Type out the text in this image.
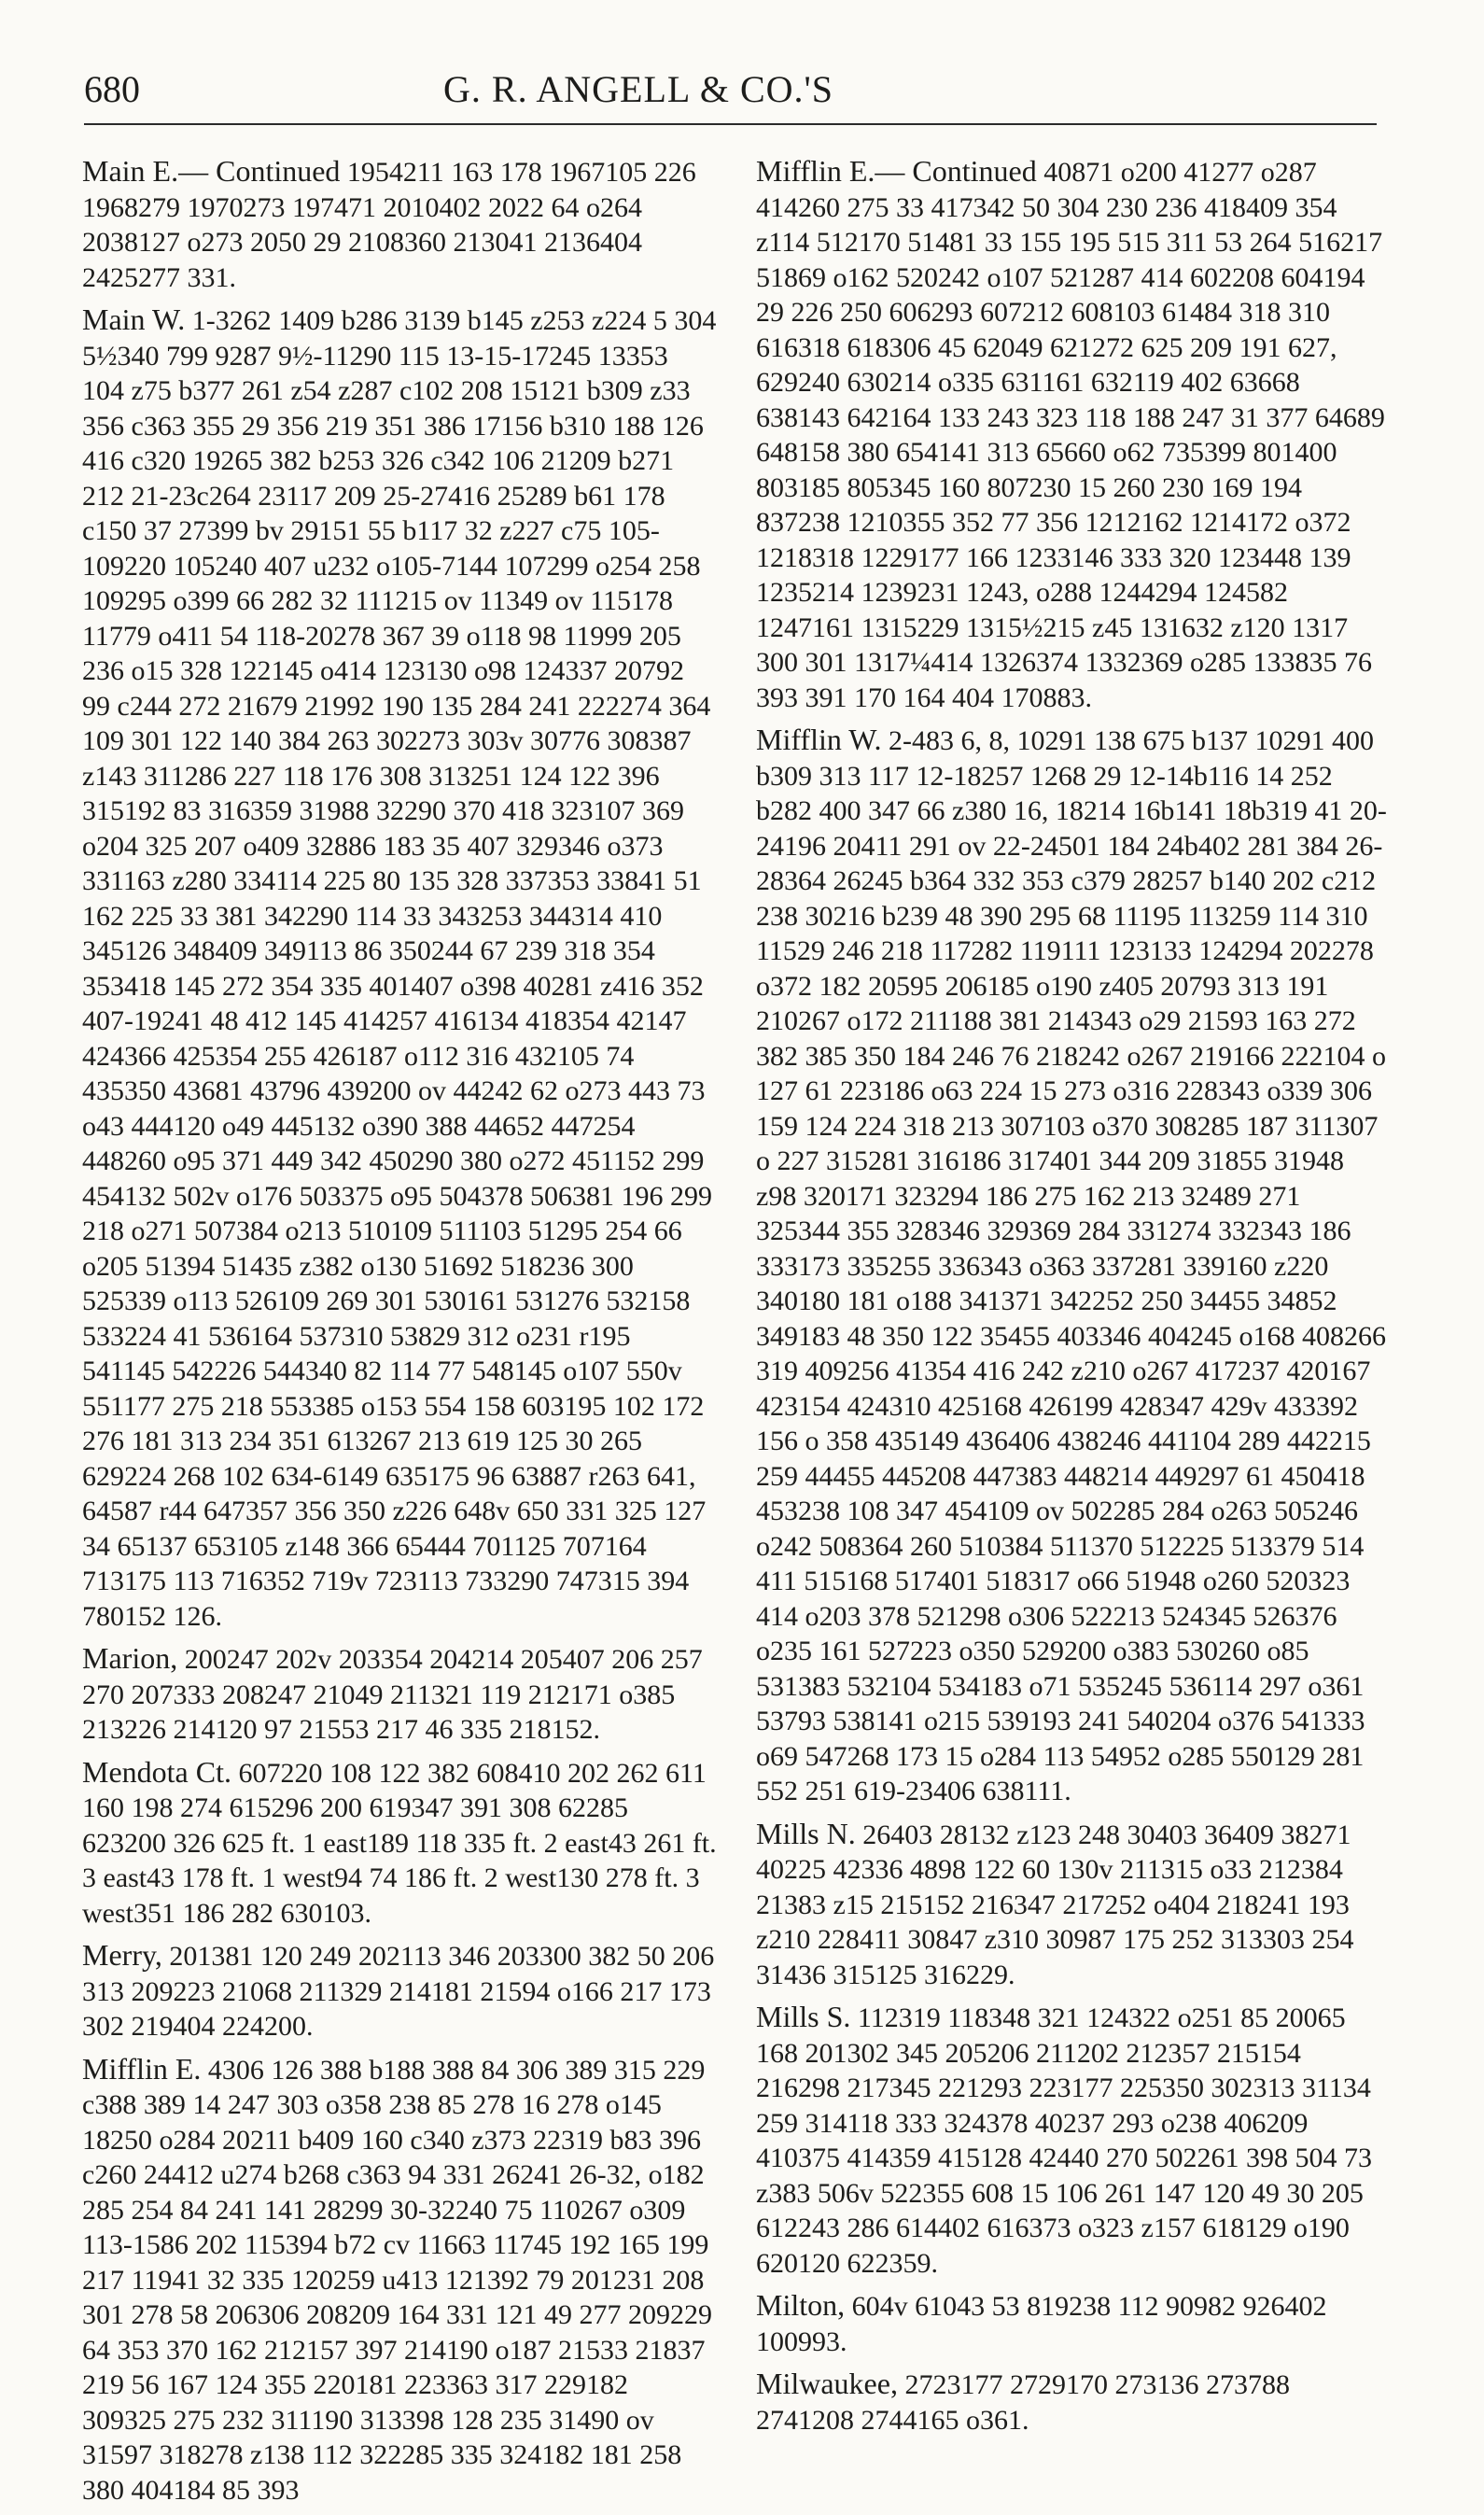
680	G. R. ANGELL & CO.'S
Main E.— Continued 1954211 163 178 1967105 226 1968279 1970273 197471 2010402 2022 64 o264 2038127 o273 2050 29 2108360 213041 2136404 2425277 331.
Main W. 1-3262 1409 b286 3139 b145 z253 z224 5 304 5½340 799 9287 9½-11290 115 13-15-17245 13353 104 z75 b377 261 z54 z287 c102 208 15121 b309 z33 356 c363 355 29 356 219 351 386 17156 b310 188 126 416 c320 19265 382 b253 326 c342 106 21209 b271 212 21-23c264 23117 209 25-27416 25289 b61 178 c150 37 27399 bv 29151 55 b117 32 z227 c75 105-109220 105240 407 u232 o105-7144 107299 o254 258 109295 o399 66 282 32 111215 ov 11349 ov 115178 11779 o411 54 118-20278 367 39 o118 98 11999 205 236 o15 328 122145 o414 123130 o98 124337 20792 99 c244 272 21679 21992 190 135 284 241 222274 364 109 301 122 140 384 263 302273 303v 30776 308387 z143 311286 227 118 176 308 313251 124 122 396 315192 83 316359 31988 32290 370 418 323107 369 o204 325 207 o409 32886 183 35 407 329346 o373 331163 z280 334114 225 80 135 328 337353 33841 51 162 225 33 381 342290 114 33 343253 344314 410 345126 348409 349113 86 350244 67 239 318 354 353418 145 272 354 335 401407 o398 40281 z416 352 407-19241 48 412 145 414257 416134 418354 42147 424366 425354 255 426187 o112 316 432105 74 435350 43681 43796 439200 ov 44242 62 o273 443 73 o43 444120 o49 445132 o390 388 44652 447254 448260 o95 371 449 342 450290 380 o272 451152 299 454132 502v o176 503375 o95 504378 506381 196 299 218 o271 507384 o213 510109 511103 51295 254 66 o205 51394 51435 z382 o130 51692 518236 300 525339 o113 526109 269 301 530161 531276 532158 533224 41 536164 537310 53829 312 o231 r195 541145 542226 544340 82 114 77 548145 o107 550v 551177 275 218 553385 o153 554 158 603195 102 172 276 181 313 234 351 613267 213 619 125 30 265 629224 268 102 634-6149 635175 96 63887 r263 641, 64587 r44 647357 356 350 z226 648v 650 331 325 127 34 65137 653105 z148 366 65444 701125 707164 713175 113 716352 719v 723113 733290 747315 394 780152 126.
Marion, 200247 202v 203354 204214 205407 206 257 270 207333 208247 21049 211321 119 212171 o385 213226 214120 97 21553 217 46 335 218152.
Mendota Ct. 607220 108 122 382 608410 202 262 611 160 198 274 615296 200 619347 391 308 62285 623200 326 625 ft. 1 east189 118 335 ft. 2 east43 261 ft. 3 east43 178 ft. 1 west94 74 186 ft. 2 west130 278 ft. 3 west351 186 282 630103.
Merry, 201381 120 249 202113 346 203300 382 50 206 313 209223 21068 211329 214181 21594 o166 217 173 302 219404 224200.
Mifflin E. 4306 126 388 b188 388 84 306 389 315 229 c388 389 14 247 303 o358 238 85 278 16 278 o145 18250 o284 20211 b409 160 c340 z373 22319 b83 396 c260 24412 u274 b268 c363 94 331 26241 26-32, o182 285 254 84 241 141 28299 30-32240 75 110267 o309 113-1586 202 115394 b72 cv 11663 11745 192 165 199 217 11941 32 335 120259 u413 121392 79 201231 208 301 278 58 206306 208209 164 331 121 49 277 209229 64 353 370 162 212157 397 214190 o187 21533 21837 219 56 167 124 355 220181 223363 317 229182 309325 275 232 311190 313398 128 235 31490 ov 31597 318278 z138 112 322285 335 324182 181 258 380 404184 85 393
Mifflin E.— Continued 40871 o200 41277 o287 414260 275 33 417342 50 304 230 236 418409 354 z114 512170 51481 33 155 195 515 311 53 264 516217 51869 o162 520242 o107 521287 414 602208 604194 29 226 250 606293 607212 608103 61484 318 310 616318 618306 45 62049 621272 625 209 191 627, 629240 630214 o335 631161 632119 402 63668 638143 642164 133 243 323 118 188 247 31 377 64689 648158 380 654141 313 65660 o62 735399 801400 803185 805345 160 807230 15 260 230 169 194 837238 1210355 352 77 356 1212162 1214172 o372 1218318 1229177 166 1233146 333 320 123448 139 1235214 1239231 1243, o288 1244294 124582 1247161 1315229 1315½215 z45 131632 z120 1317 300 301 1317¼414 1326374 1332369 o285 133835 76 393 391 170 164 404 170883.
Mifflin W. 2-483 6, 8, 10291 138 675 b137 10291 400 b309 313 117 12-18257 1268 29 12-14b116 14 252 b282 400 347 66 z380 16, 18214 16b141 18b319 41 20-24196 20411 291 ov 22-24501 184 24b402 281 384 26-28364 26245 b364 332 353 c379 28257 b140 202 c212 238 30216 b239 48 390 295 68 11195 113259 114 310 11529 246 218 117282 119111 123133 124294 202278 o372 182 20595 206185 o190 z405 20793 313 191 210267 o172 211188 381 214343 o29 21593 163 272 382 385 350 184 246 76 218242 o267 219166 222104 o 127 61 223186 o63 224 15 273 o316 228343 o339 306 159 124 224 318 213 307103 o370 308285 187 311307 o 227 315281 316186 317401 344 209 31855 31948 z98 320171 323294 186 275 162 213 32489 271 325344 355 328346 329369 284 331274 332343 186 333173 335255 336343 o363 337281 339160 z220 340180 181 o188 341371 342252 250 34455 34852 349183 48 350 122 35455 403346 404245 o168 408266 319 409256 41354 416 242 z210 o267 417237 420167 423154 424310 425168 426199 428347 429v 433392 156 o 358 435149 436406 438246 441104 289 442215 259 44455 445208 447383 448214 449297 61 450418 453238 108 347 454109 ov 502285 284 o263 505246 o242 508364 260 510384 511370 512225 513379 514 411 515168 517401 518317 o66 51948 o260 520323 414 o203 378 521298 o306 522213 524345 526376 o235 161 527223 o350 529200 o383 530260 o85 531383 532104 534183 o71 535245 536114 297 o361 53793 538141 o215 539193 241 540204 o376 541333 o69 547268 173 15 o284 113 54952 o285 550129 281 552 251 619-23406 638111.
Mills N. 26403 28132 z123 248 30403 36409 38271 40225 42336 4898 122 60 130v 211315 o33 212384 21383 z15 215152 216347 217252 o404 218241 193 z210 228411 30847 z310 30987 175 252 313303 254 31436 315125 316229.
Mills S. 112319 118348 321 124322 o251 85 20065 168 201302 345 205206 211202 212357 215154 216298 217345 221293 223177 225350 302313 31134 259 314118 333 324378 40237 293 o238 406209 410375 414359 415128 42440 270 502261 398 504 73 z383 506v 522355 608 15 106 261 147 120 49 30 205 612243 286 614402 616373 o323 z157 618129 o190 620120 622359.
Milton, 604v 61043 53 819238 112 90982 926402 100993.
Milwaukee, 2723177 2729170 273136 273788 2741208 2744165 o361.
